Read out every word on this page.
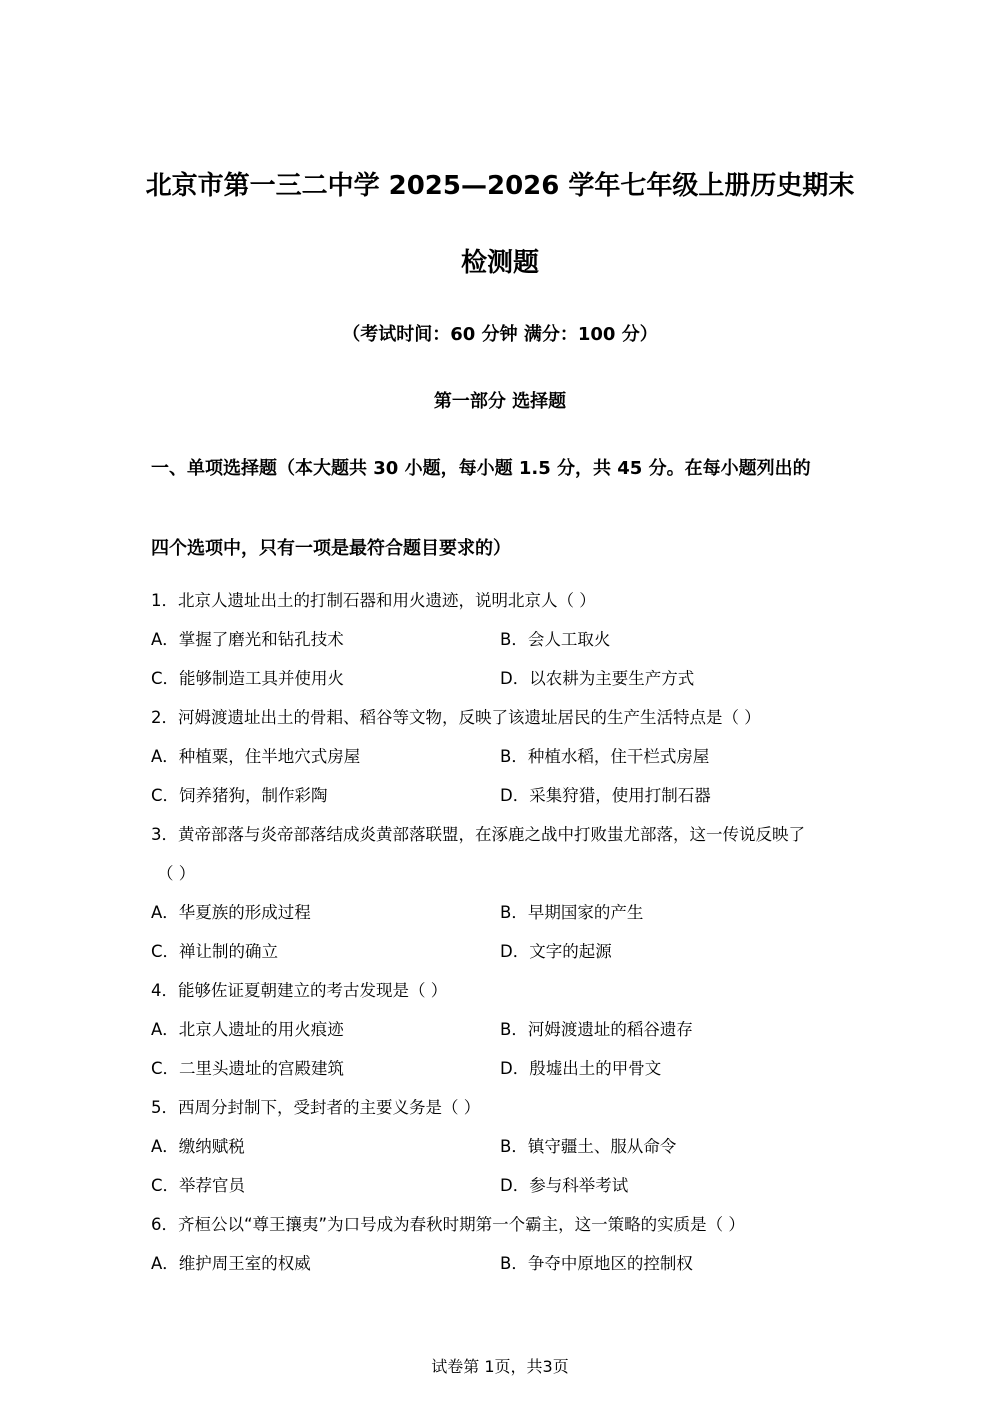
北京市第一三二中学 2025—2026 学年七年级上册历史期末
检测题
（考试时间：60 分钟 满分：100 分）
第一部分 选择题
一、单项选择题（本大题共 30 小题，每小题 1.5 分，共 45 分。在每小题列出的
四个选项中，只有一项是最符合题目要求的）
1．北京人遗址出土的打制石器和用火遗迹，说明北京人（ ）
A．掌握了磨光和钻孔技术	B．会人工取火
C．能够制造工具并使用火	D．以农耕为主要生产方式
2．河姆渡遗址出土的骨耜、稻谷等文物，反映了该遗址居民的生产生活特点是（ ）
A．种植粟，住半地穴式房屋	B．种植水稻，住干栏式房屋
C．饲养猪狗，制作彩陶	D．采集狩猎，使用打制石器
3．黄帝部落与炎帝部落结成炎黄部落联盟，在涿鹿之战中打败蚩尤部落，这一传说反映了
（ ）
A．华夏族的形成过程	B．早期国家的产生
C．禅让制的确立	D．文字的起源
4．能够佐证夏朝建立的考古发现是（ ）
A．北京人遗址的用火痕迹	B．河姆渡遗址的稻谷遗存
C．二里头遗址的宫殿建筑	D．殷墟出土的甲骨文
5．西周分封制下，受封者的主要义务是（ ）
A．缴纳赋税	B．镇守疆土、服从命令
C．举荐官员	D．参与科举考试
6．齐桓公以“尊王攘夷”为口号成为春秋时期第一个霸主，这一策略的实质是（ ）
A．维护周王室的权威	B．争夺中原地区的控制权
试卷第 1页，共3页
